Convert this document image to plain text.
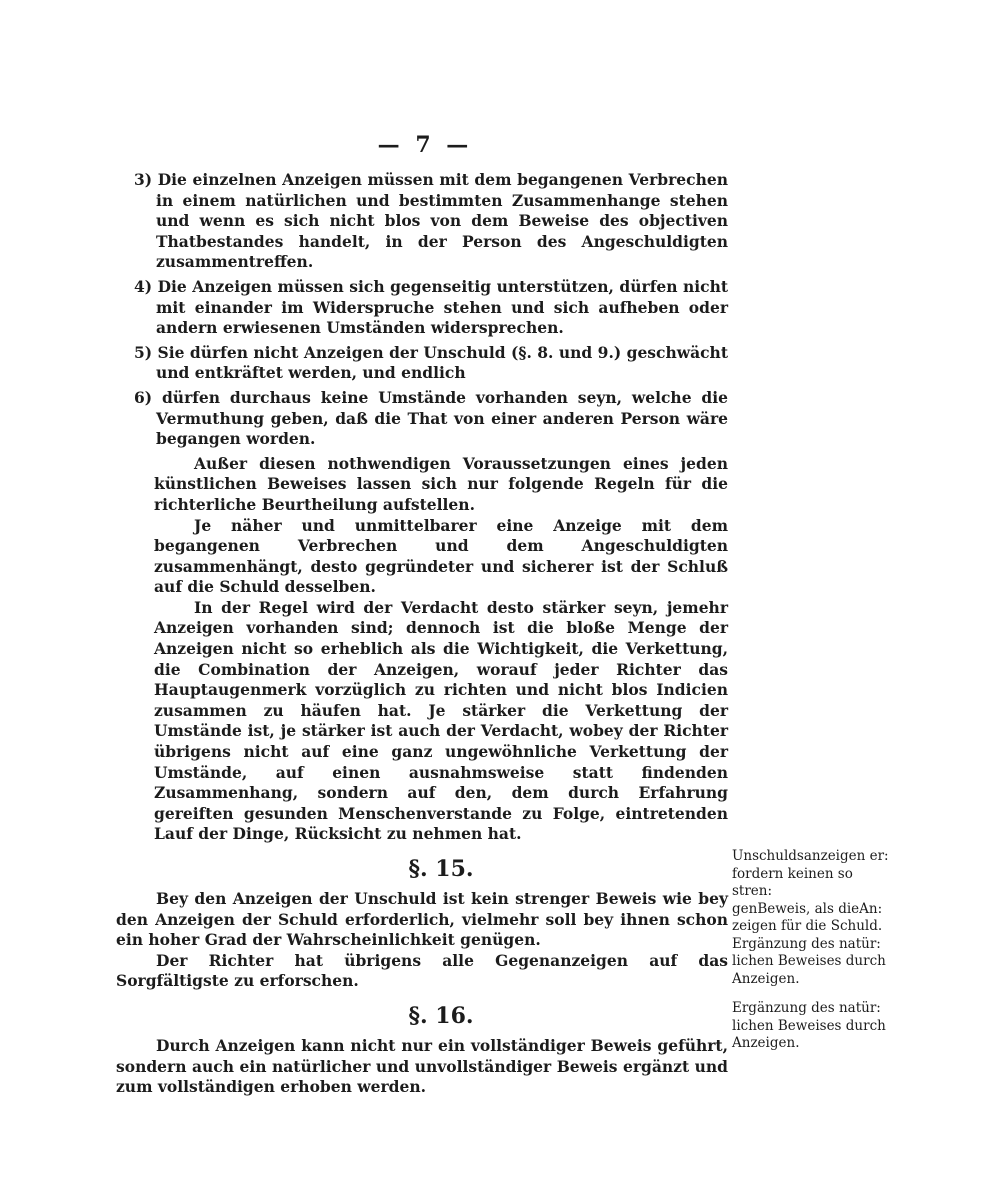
— 7 —

3) Die einzelnen Anzeigen müssen mit dem begangenen Verbrechen in einem natürlichen und bestimmten Zusammenhange stehen und wenn es sich nicht blos von dem Beweise des objectiven Thatbestandes handelt, in der Person des Angeschuldigten zusammentreffen.

4) Die Anzeigen müssen sich gegenseitig unterstützen, dürfen nicht mit einander im Widerspruche stehen und sich aufheben oder andern erwiesenen Umständen widersprechen.

5) Sie dürfen nicht Anzeigen der Unschuld (§. 8. und 9.) geschwächt und entkräftet werden, und endlich

6) dürfen durchaus keine Umstände vorhanden seyn, welche die Vermuthung geben, daß die That von einer anderen Person wäre begangen worden.

Außer diesen nothwendigen Voraussetzungen eines jeden künstlichen Beweises lassen sich nur folgende Regeln für die richterliche Beurtheilung aufstellen.

Je näher und unmittelbarer eine Anzeige mit dem begangenen Verbrechen und dem Angeschuldigten zusammenhängt, desto gegründeter und sicherer ist der Schluß auf die Schuld desselben.

In der Regel wird der Verdacht desto stärker seyn, jemehr Anzeigen vorhanden sind; dennoch ist die bloße Menge der Anzeigen nicht so erheblich als die Wichtigkeit, die Verkettung, die Combination der Anzeigen, worauf jeder Richter das Hauptaugenmerk vorzüglich zu richten und nicht blos Indicien zusammen zu häufen hat. Je stärker die Verkettung der Umstände ist, je stärker ist auch der Verdacht, wobey der Richter übrigens nicht auf eine ganz ungewöhnliche Verkettung der Umstände, auf einen ausnahmsweise statt findenden Zusammenhang, sondern auf den, dem durch Erfahrung gereiften gesunden Menschenverstande zu Folge, eintretenden Lauf der Dinge, Rücksicht zu nehmen hat.

§. 15.

Bey den Anzeigen der Unschuld ist kein strenger Beweis wie bey den Anzeigen der Schuld erforderlich, vielmehr soll bey ihnen schon ein hoher Grad der Wahrscheinlichkeit genügen.

Der Richter hat übrigens alle Gegenanzeigen auf das Sorgfältigste zu erforschen.

§. 16.

Durch Anzeigen kann nicht nur ein vollständiger Beweis geführt, sondern auch ein natürlicher und unvollständiger Beweis ergänzt und zum vollständigen erhoben werden.

Unschuldsanzeigen er:
fordern keinen so stren:
genBeweis, als dieAn:
zeigen für die Schuld.
Ergänzung des natür:
lichen Beweises durch
Anzeigen.
Ergänzung des natür:
lichen Beweises durch
Anzeigen.
